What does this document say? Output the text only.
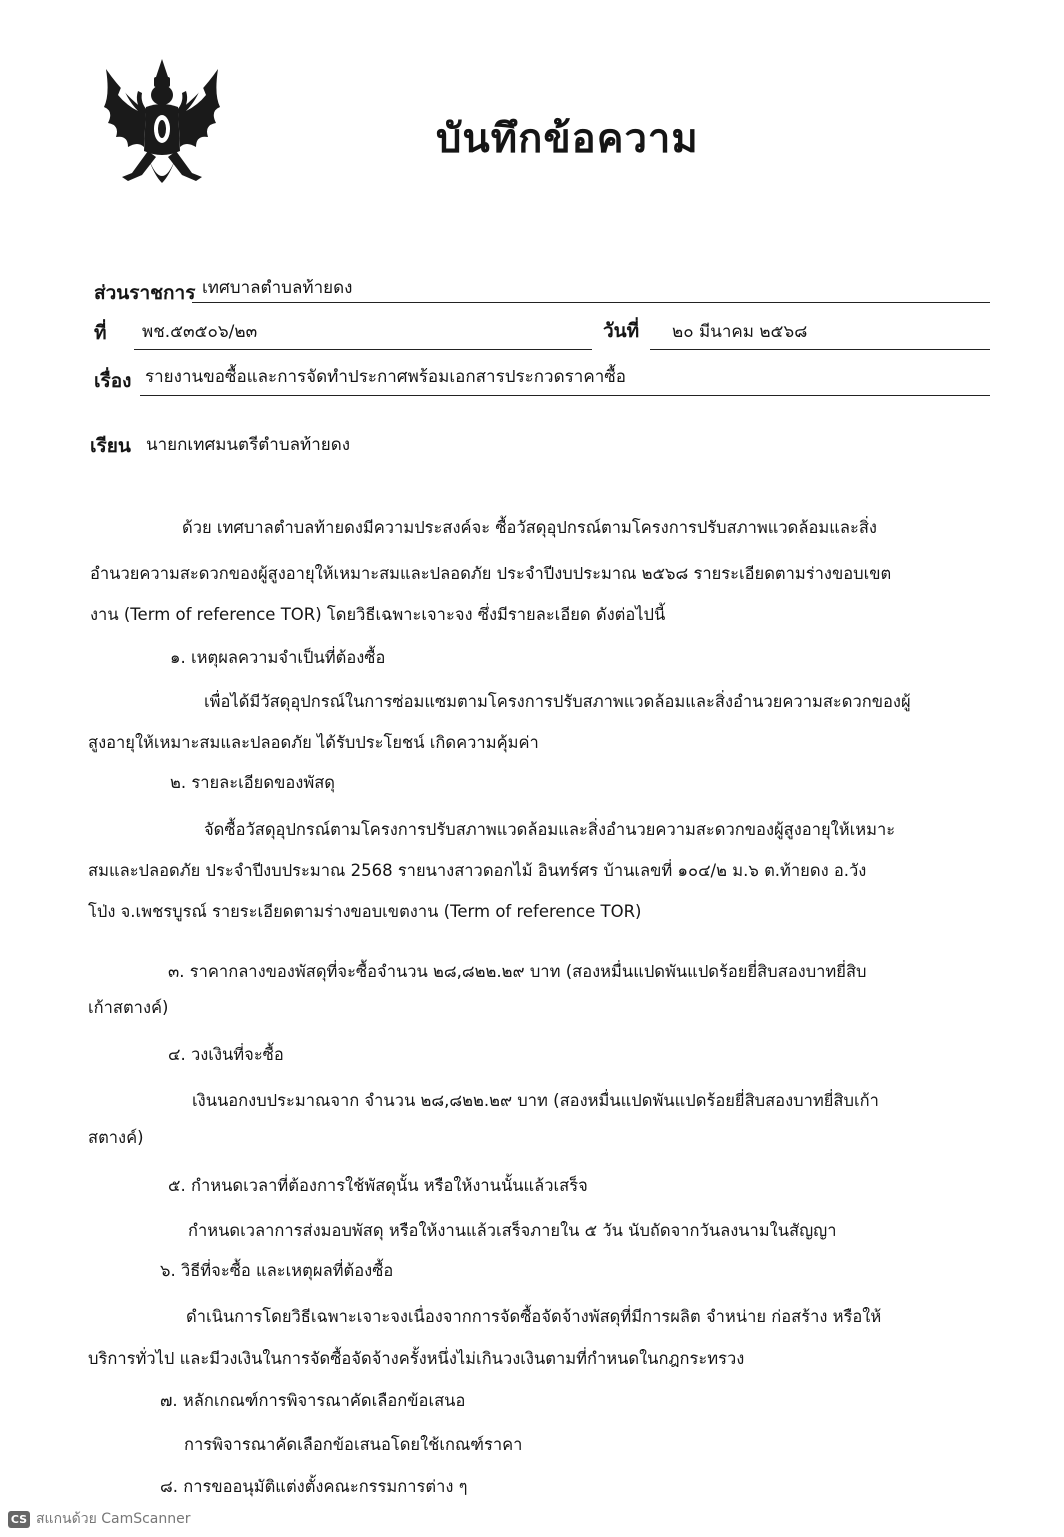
บันทึกข้อความ
ส่วนราชการ เทศบาลตำบลท้ายดง
ที่ พช.๕๓๕๐๖/๒๓	วันที่ ๒๐ มีนาคม ๒๕๖๘
เรื่อง รายงานขอซื้อและการจัดทำประกาศพร้อมเอกสารประกวดราคาซื้อ
เรียน นายกเทศมนตรีตำบลท้ายดง
ด้วย เทศบาลตำบลท้ายดงมีความประสงค์จะ ซื้อวัสดุอุปกรณ์ตามโครงการปรับสภาพแวดล้อมและสิ่ง
อำนวยความสะดวกของผู้สูงอายุให้เหมาะสมและปลอดภัย ประจำปีงบประมาณ ๒๕๖๘ รายระเอียดตามร่างขอบเขต
งาน (Term of reference TOR) โดยวิธีเฉพาะเจาะจง ซึ่งมีรายละเอียด ดังต่อไปนี้
๑. เหตุผลความจำเป็นที่ต้องซื้อ
เพื่อได้มีวัสดุอุปกรณ์ในการซ่อมแซมตามโครงการปรับสภาพแวดล้อมและสิ่งอำนวยความสะดวกของผู้
สูงอายุให้เหมาะสมและปลอดภัย ได้รับประโยชน์ เกิดความคุ้มค่า
๒. รายละเอียดของพัสดุ
จัดซื้อวัสดุอุปกรณ์ตามโครงการปรับสภาพแวดล้อมและสิ่งอำนวยความสะดวกของผู้สูงอายุให้เหมาะ
สมและปลอดภัย ประจำปีงบประมาณ 2568 รายนางสาวดอกไม้ อินทร์ศร บ้านเลขที่ ๑๐๔/๒ ม.๖ ต.ท้ายดง อ.วัง
โป่ง จ.เพชรบูรณ์ รายระเอียดตามร่างขอบเขตงาน (Term of reference TOR)
๓. ราคากลางของพัสดุที่จะซื้อจำนวน ๒๘,๘๒๒.๒๙ บาท (สองหมื่นแปดพันแปดร้อยยี่สิบสองบาทยี่สิบ
เก้าสตางค์)
๔. วงเงินที่จะซื้อ
เงินนอกงบประมาณจาก จำนวน ๒๘,๘๒๒.๒๙ บาท (สองหมื่นแปดพันแปดร้อยยี่สิบสองบาทยี่สิบเก้า
สตางค์)
๕. กำหนดเวลาที่ต้องการใช้พัสดุนั้น หรือให้งานนั้นแล้วเสร็จ
กำหนดเวลาการส่งมอบพัสดุ หรือให้งานแล้วเสร็จภายใน ๕ วัน นับถัดจากวันลงนามในสัญญา
๖. วิธีที่จะซื้อ และเหตุผลที่ต้องซื้อ
ดำเนินการโดยวิธีเฉพาะเจาะจงเนื่องจากการจัดซื้อจัดจ้างพัสดุที่มีการผลิต จำหน่าย ก่อสร้าง หรือให้
บริการทั่วไป และมีวงเงินในการจัดซื้อจัดจ้างครั้งหนึ่งไม่เกินวงเงินตามที่กำหนดในกฎกระทรวง
๗. หลักเกณฑ์การพิจารณาคัดเลือกข้อเสนอ
การพิจารณาคัดเลือกข้อเสนอโดยใช้เกณฑ์ราคา
๘. การขออนุมัติแต่งตั้งคณะกรรมการต่าง ๆ
CS สแกนด้วย CamScanner
